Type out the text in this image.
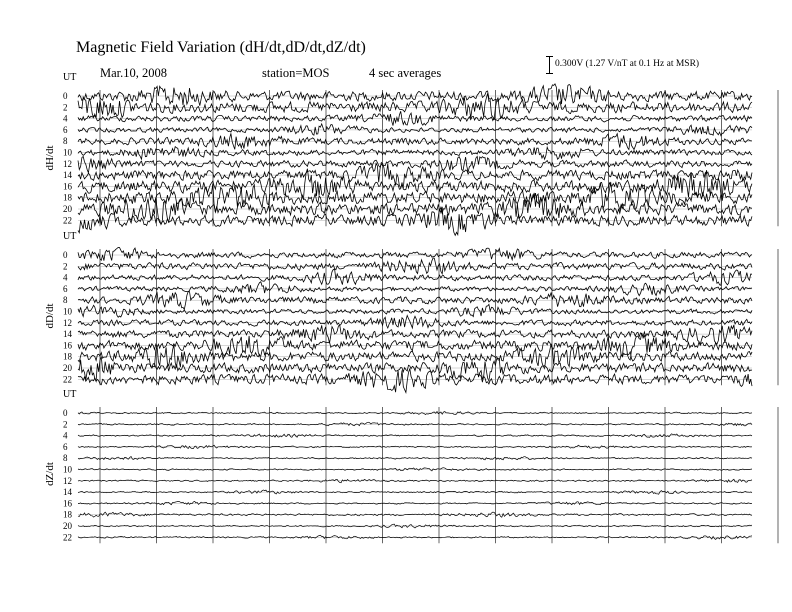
Magnetic Field Variation (dH/dt,dD/dt,dZ/dt)
Mar.10, 2008	station=MOS	4 sec averages
0.300V (1.27 V/nT at 0.1 Hz at MSR)
UT
dH/dt
0
2
4
6
8
10
12
14
16
18
20
22
UT
dD/dt
0
2
4
6
8
10
12
14
16
18
20
22
UT
dZ/dt
0
2
4
6
8
10
12
14
16
18
20
22
